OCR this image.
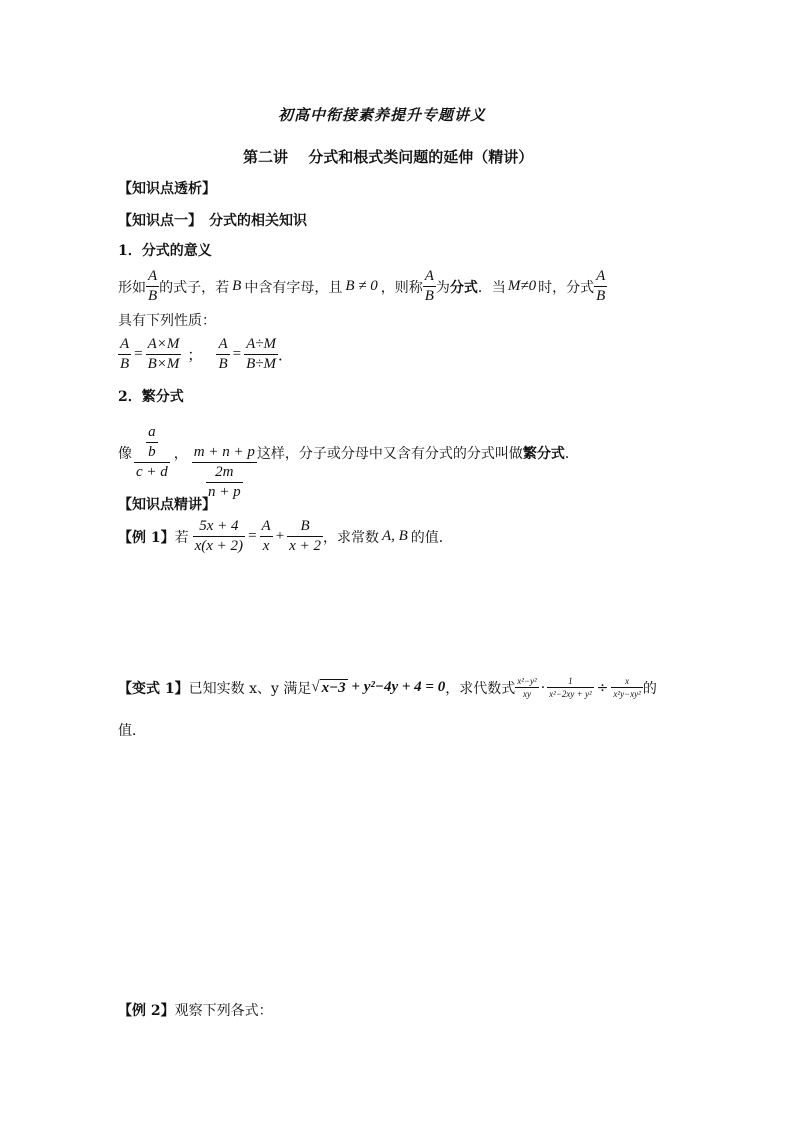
初高中衔接素养提升专题讲义
第二讲　 分式和根式类问题的延伸（精讲）
【知识点透析】
【知识点一】　分式的相关知识
1．分式的意义
形如 $\frac{A}{B}$ 的式子，若 B 中含有字母，且 B ≠ 0 ，则称 $\frac{A}{B}$ 为 分式 ．当 M≠0 时，分式 $\frac{A}{B}$
具有下列性质：
$\frac{A}{B} = \frac{A\times M}{B\times M}$ ； $\frac{A}{B} = \frac{A\div M}{B\div M}$ ．
2．繁分式
像 $\frac{\frac{a}{b}}{c + d}$ ， $\frac{m + n + p}{\frac{2m}{n + p}}$ 这样，分子或分母中又含有分式的分式叫做 繁分式 ．
【知识点精讲】
【例 1】 若 $\frac{5x + 4}{x(x + 2)} = \frac{A}{x} + \frac{B}{x + 2}$ ，求常数 A, B 的值．
【变式 1】 已知实数 x、y 满足 √ x−3 + y²−4y + 4 = 0 ，求代数式 $\frac{\text{x²−y²}}{xy} \cdot \frac{1}{\text{x²−2xy + y²}} \div \frac{x}{\text{x²y−xy²}}$ 的
值．
【例 2】 观察下列各式：
